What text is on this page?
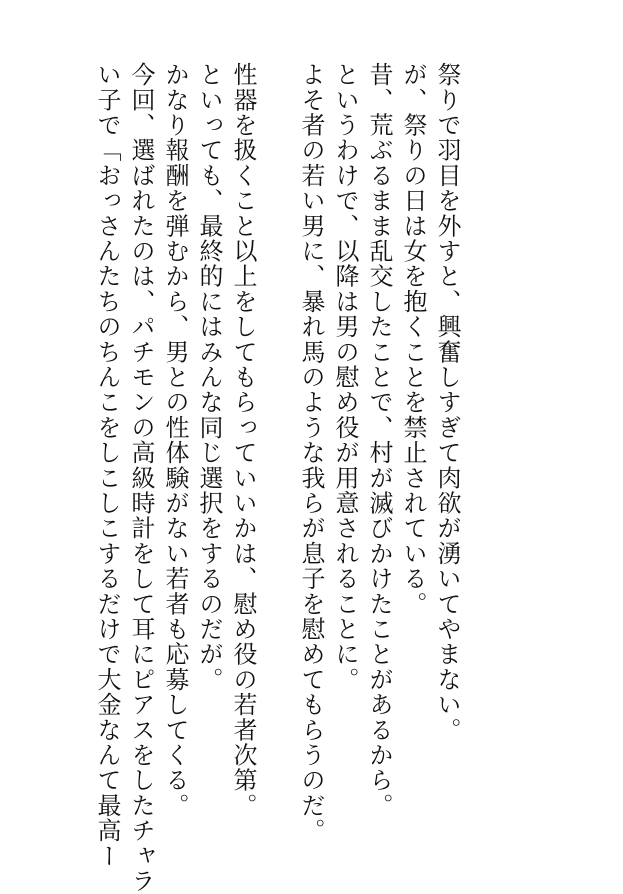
祭りで羽目を外すと、興奮しすぎて肉欲が湧いてやまない。
が、祭りの日は女を抱くことを禁止されている。
昔、荒ぶるまま乱交したことで、村が滅びかけたことがあるから。
というわけで、以降は男の慰め役が用意されることに。
よそ者の若い男に、暴れ馬のような我らが息子を慰めてもらうのだ。
性器を扱くこと以上をしてもらっていいかは、慰め役の若者次第。
といっても、最終的にはみんな同じ選択をするのだが。
かなり報酬を弾むから、男との性体験がない若者も応募してくる。
今回、選ばれたのは、パチモンの高級時計をして耳にピアスをしたチャラ
い子で「おっさんたちのちんこをしこしこするだけで大金なんて最高ー
